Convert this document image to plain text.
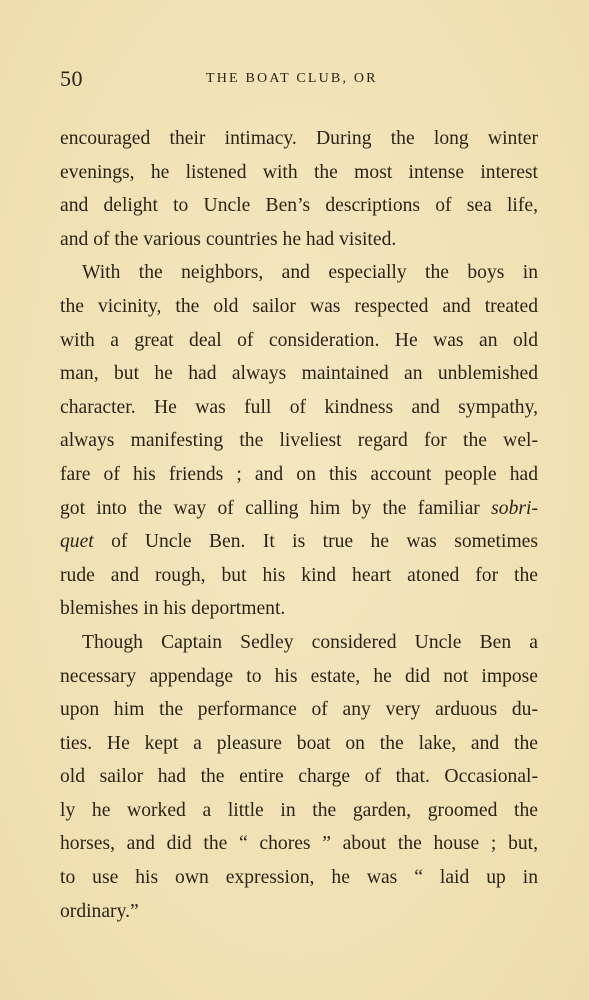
50	THE BOAT CLUB, OR
encouraged their intimacy. During the long winter
evenings, he listened with the most intense interest
and delight to Uncle Ben’s descriptions of sea life,
and of the various countries he had visited.
With the neighbors, and especially the boys in
the vicinity, the old sailor was respected and treated
with a great deal of consideration. He was an old
man, but he had always maintained an unblemished
character. He was full of kindness and sympathy,
always manifesting the liveliest regard for the wel-
fare of his friends ; and on this account people had
got into the way of calling him by the familiar sobri-
quet of Uncle Ben. It is true he was sometimes
rude and rough, but his kind heart atoned for the
blemishes in his deportment.
Though Captain Sedley considered Uncle Ben a
necessary appendage to his estate, he did not impose
upon him the performance of any very arduous du-
ties. He kept a pleasure boat on the lake, and the
old sailor had the entire charge of that. Occasional-
ly he worked a little in the garden, groomed the
horses, and did the “ chores ” about the house ; but,
to use his own expression, he was “ laid up in
ordinary.”
